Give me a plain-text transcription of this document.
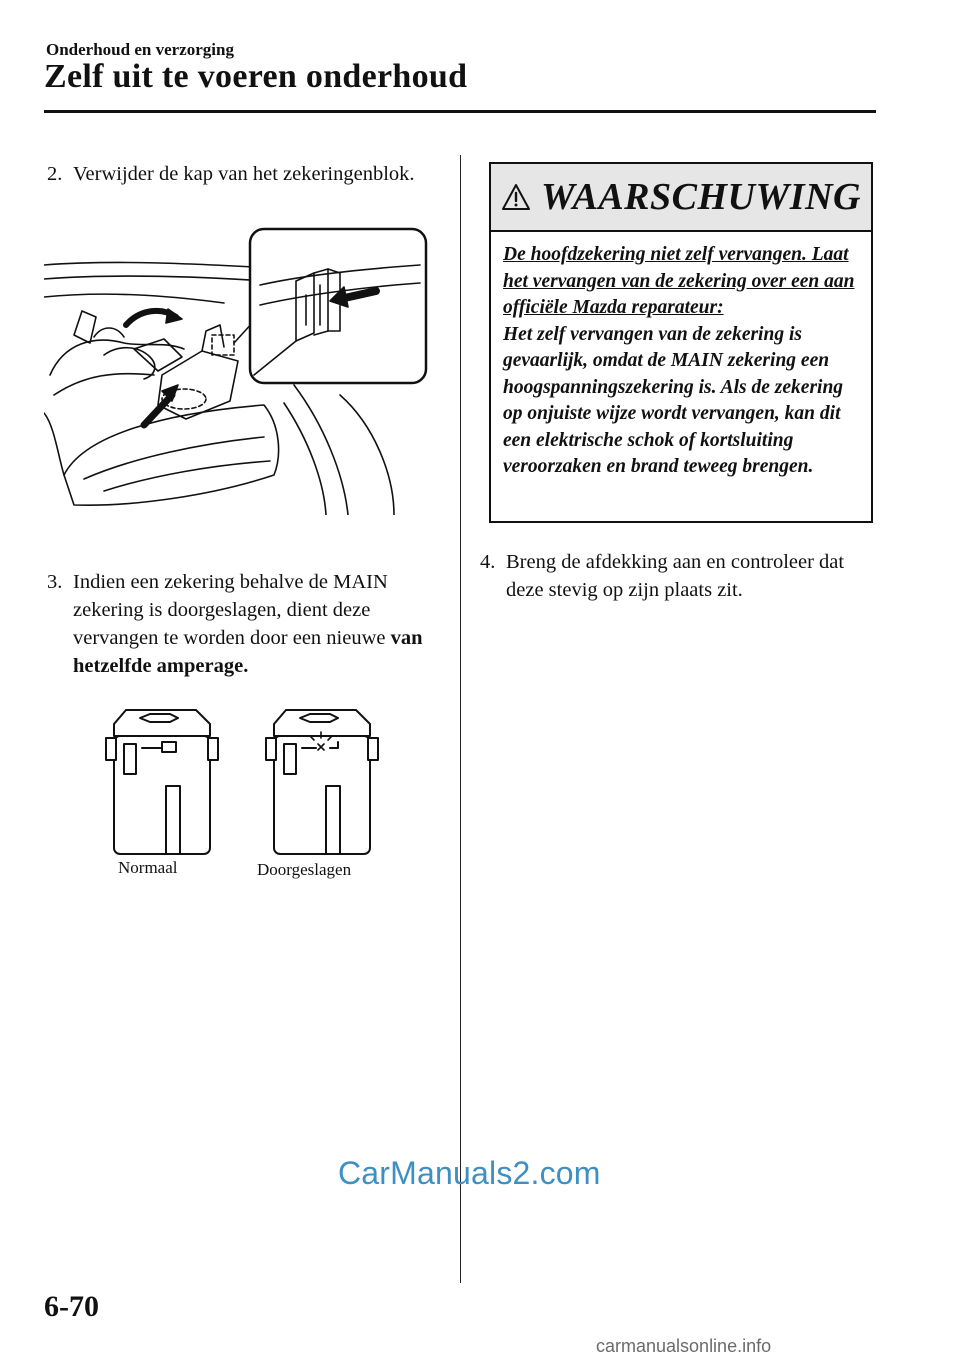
Onderhoud en verzorging
Zelf uit te voeren onderhoud
2. Verwijder de kap van het zekeringenblok.
3. Indien een zekering behalve de MAIN zekering is doorgeslagen, dient deze vervangen te worden door een nieuwe van hetzelfde amperage.
Normaal	Doorgeslagen
WAARSCHUWING
De hoofdzekering niet zelf vervangen. Laat het vervangen van de zekering over een aan officiële Mazda reparateur:
Het zelf vervangen van de zekering is gevaarlijk, omdat de MAIN zekering een hoogspanningszekering is. Als de zekering op onjuiste wijze wordt vervangen, kan dit een elektrische schok of kortsluiting veroorzaken en brand teweeg brengen.
4. Breng de afdekking aan en controleer dat deze stevig op zijn plaats zit.
CarManuals2.com
6-70
carmanualsonline.info
